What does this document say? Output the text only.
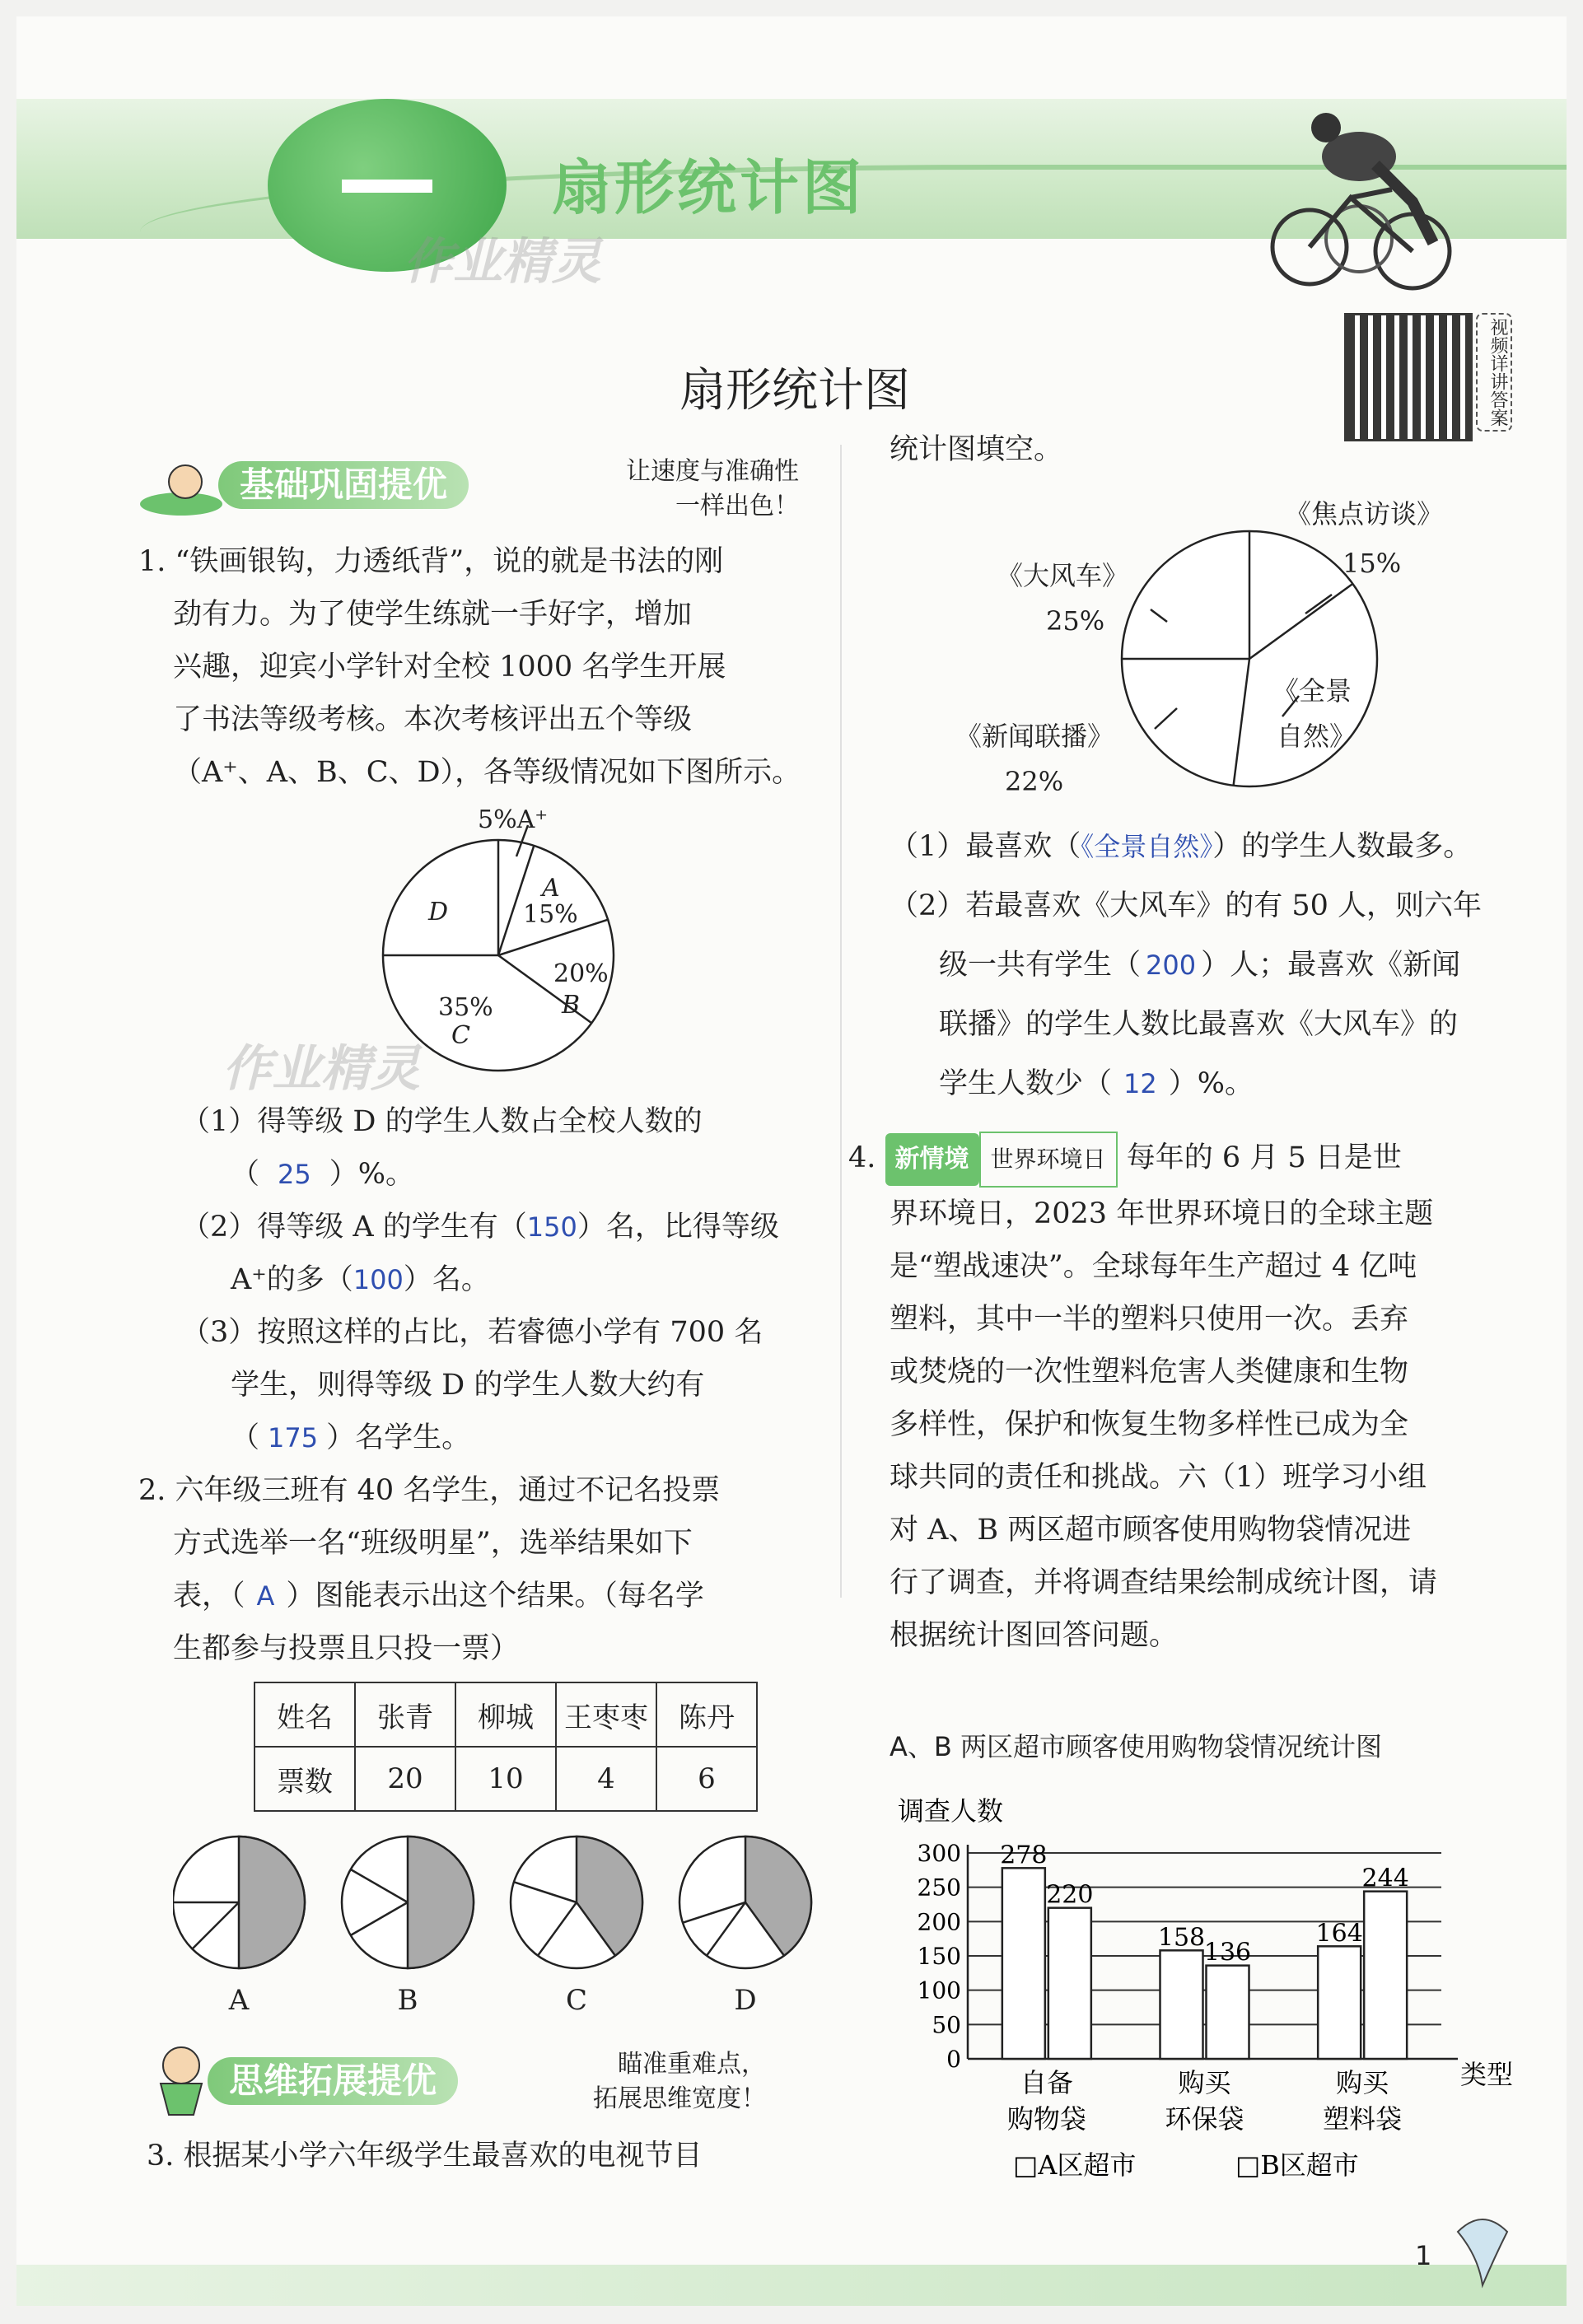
扇形统计图
作业精灵
视频详讲答案
扇形统计图
基础巩固提优	让速度与准确性
一样出色！
1. “铁画银钩，力透纸背”，说的就是书法的刚
劲有力。为了使学生练就一手好字，增加
兴趣，迎宾小学针对全校 1000 名学生开展
了书法等级考核。本次考核评出五个等级
（A⁺、A、B、C、D），各等级情况如下图所示。
5%A⁺
A
15%
20%
B
35%
C
D
作业精灵
（1）得等级 D 的学生人数占全校人数的
（ 25 ）%。
（2）得等级 A 的学生有（150）名，比得等级
A⁺的多（100）名。
（3）按照这样的占比，若睿德小学有 700 名
学生，则得等级 D 的学生人数大约有
（ 175 ）名学生。
2. 六年级三班有 40 名学生，通过不记名投票
方式选举一名“班级明星”，选举结果如下
表，（ A ）图能表示出这个结果。（每名学
生都参与投票且只投一票）
姓名	张青	柳城	王枣枣	陈丹
票数	20	10	4	6
A	B	C	D
思维拓展提优	瞄准重难点，
拓展思维宽度！
3. 根据某小学六年级学生最喜欢的电视节目
统计图填空。
《焦点访谈》
15%
《大风车》
25%
《全景
自然》
《新闻联播》
22%
（1）最喜欢（《全景自然》）的学生人数最多。
（2）若最喜欢《大风车》的有 50 人，则六年
级一共有学生（ 200 ）人；最喜欢《新闻
联播》的学生人数比最喜欢《大风车》的
学生人数少（ 12 ）%。
4. 新情境 世界环境日 每年的 6 月 5 日是世
界环境日，2023 年世界环境日的全球主题
是“塑战速决”。全球每年生产超过 4 亿吨
塑料，其中一半的塑料只使用一次。丢弃
或焚烧的一次性塑料危害人类健康和生物
多样性，保护和恢复生物多样性已成为全
球共同的责任和挑战。六（1）班学习小组
对 A、B 两区超市顾客使用购物袋情况进
行了调查，并将调查结果绘制成统计图，请
根据统计图回答问题。
A、B 两区超市顾客使用购物袋情况统计图
调查人数
0
50
100
150
200
250
300
类型
278
220
自备
购物袋
158
136
购买
环保袋
164
244
购买
塑料袋
□A区超市	□B区超市
1
